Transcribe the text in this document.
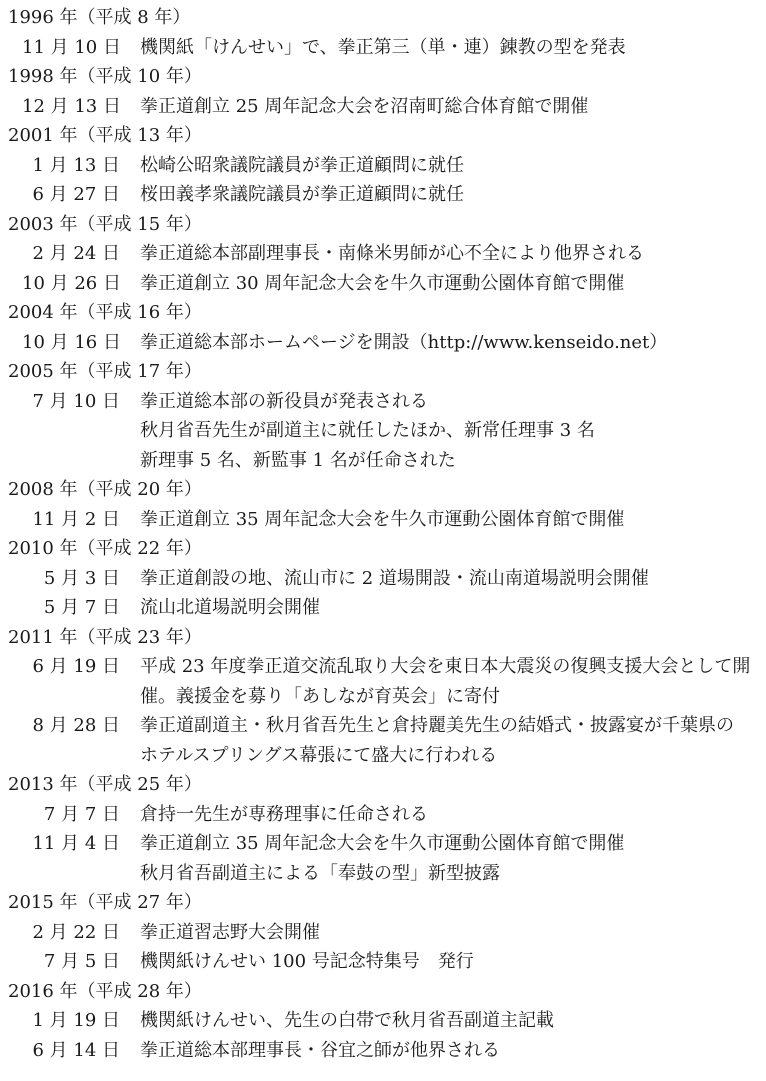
1996 年（平成 8 年）
11 月 10 日 機関紙「けんせい」で、拳正第三（単・連）錬教の型を発表
1998 年（平成 10 年）
12 月 13 日 拳正道創立 25 周年記念大会を沼南町総合体育館で開催
2001 年（平成 13 年）
1 月 13 日 松崎公昭衆議院議員が拳正道顧問に就任
6 月 27 日 桜田義孝衆議院議員が拳正道顧問に就任
2003 年（平成 15 年）
2 月 24 日 拳正道総本部副理事長・南條米男師が心不全により他界される
10 月 26 日 拳正道創立 30 周年記念大会を牛久市運動公園体育館で開催
2004 年（平成 16 年）
10 月 16 日 拳正道総本部ホームページを開設（http://www.kenseido.net）
2005 年（平成 17 年）
7 月 10 日 拳正道総本部の新役員が発表される
秋月省吾先生が副道主に就任したほか、新常任理事 3 名
新理事 5 名、新監事 1 名が任命された
2008 年（平成 20 年）
11 月 2 日 拳正道創立 35 周年記念大会を牛久市運動公園体育館で開催
2010 年（平成 22 年）
5 月 3 日 拳正道創設の地、流山市に 2 道場開設・流山南道場説明会開催
5 月 7 日 流山北道場説明会開催
2011 年（平成 23 年）
6 月 19 日 平成 23 年度拳正道交流乱取り大会を東日本大震災の復興支援大会として開
催。義援金を募り「あしなが育英会」に寄付
8 月 28 日 拳正道副道主・秋月省吾先生と倉持麗美先生の結婚式・披露宴が千葉県の
ホテルスプリングス幕張にて盛大に行われる
2013 年（平成 25 年）
7 月 7 日 倉持一先生が専務理事に任命される
11 月 4 日 拳正道創立 35 周年記念大会を牛久市運動公園体育館で開催
秋月省吾副道主による「奉鼓の型」新型披露
2015 年（平成 27 年）
2 月 22 日 拳正道習志野大会開催
7 月 5 日 機関紙けんせい 100 号記念特集号　発行
2016 年（平成 28 年）
1 月 19 日 機関紙けんせい、先生の白帯で秋月省吾副道主記載
6 月 14 日 拳正道総本部理事長・谷宜之師が他界される
